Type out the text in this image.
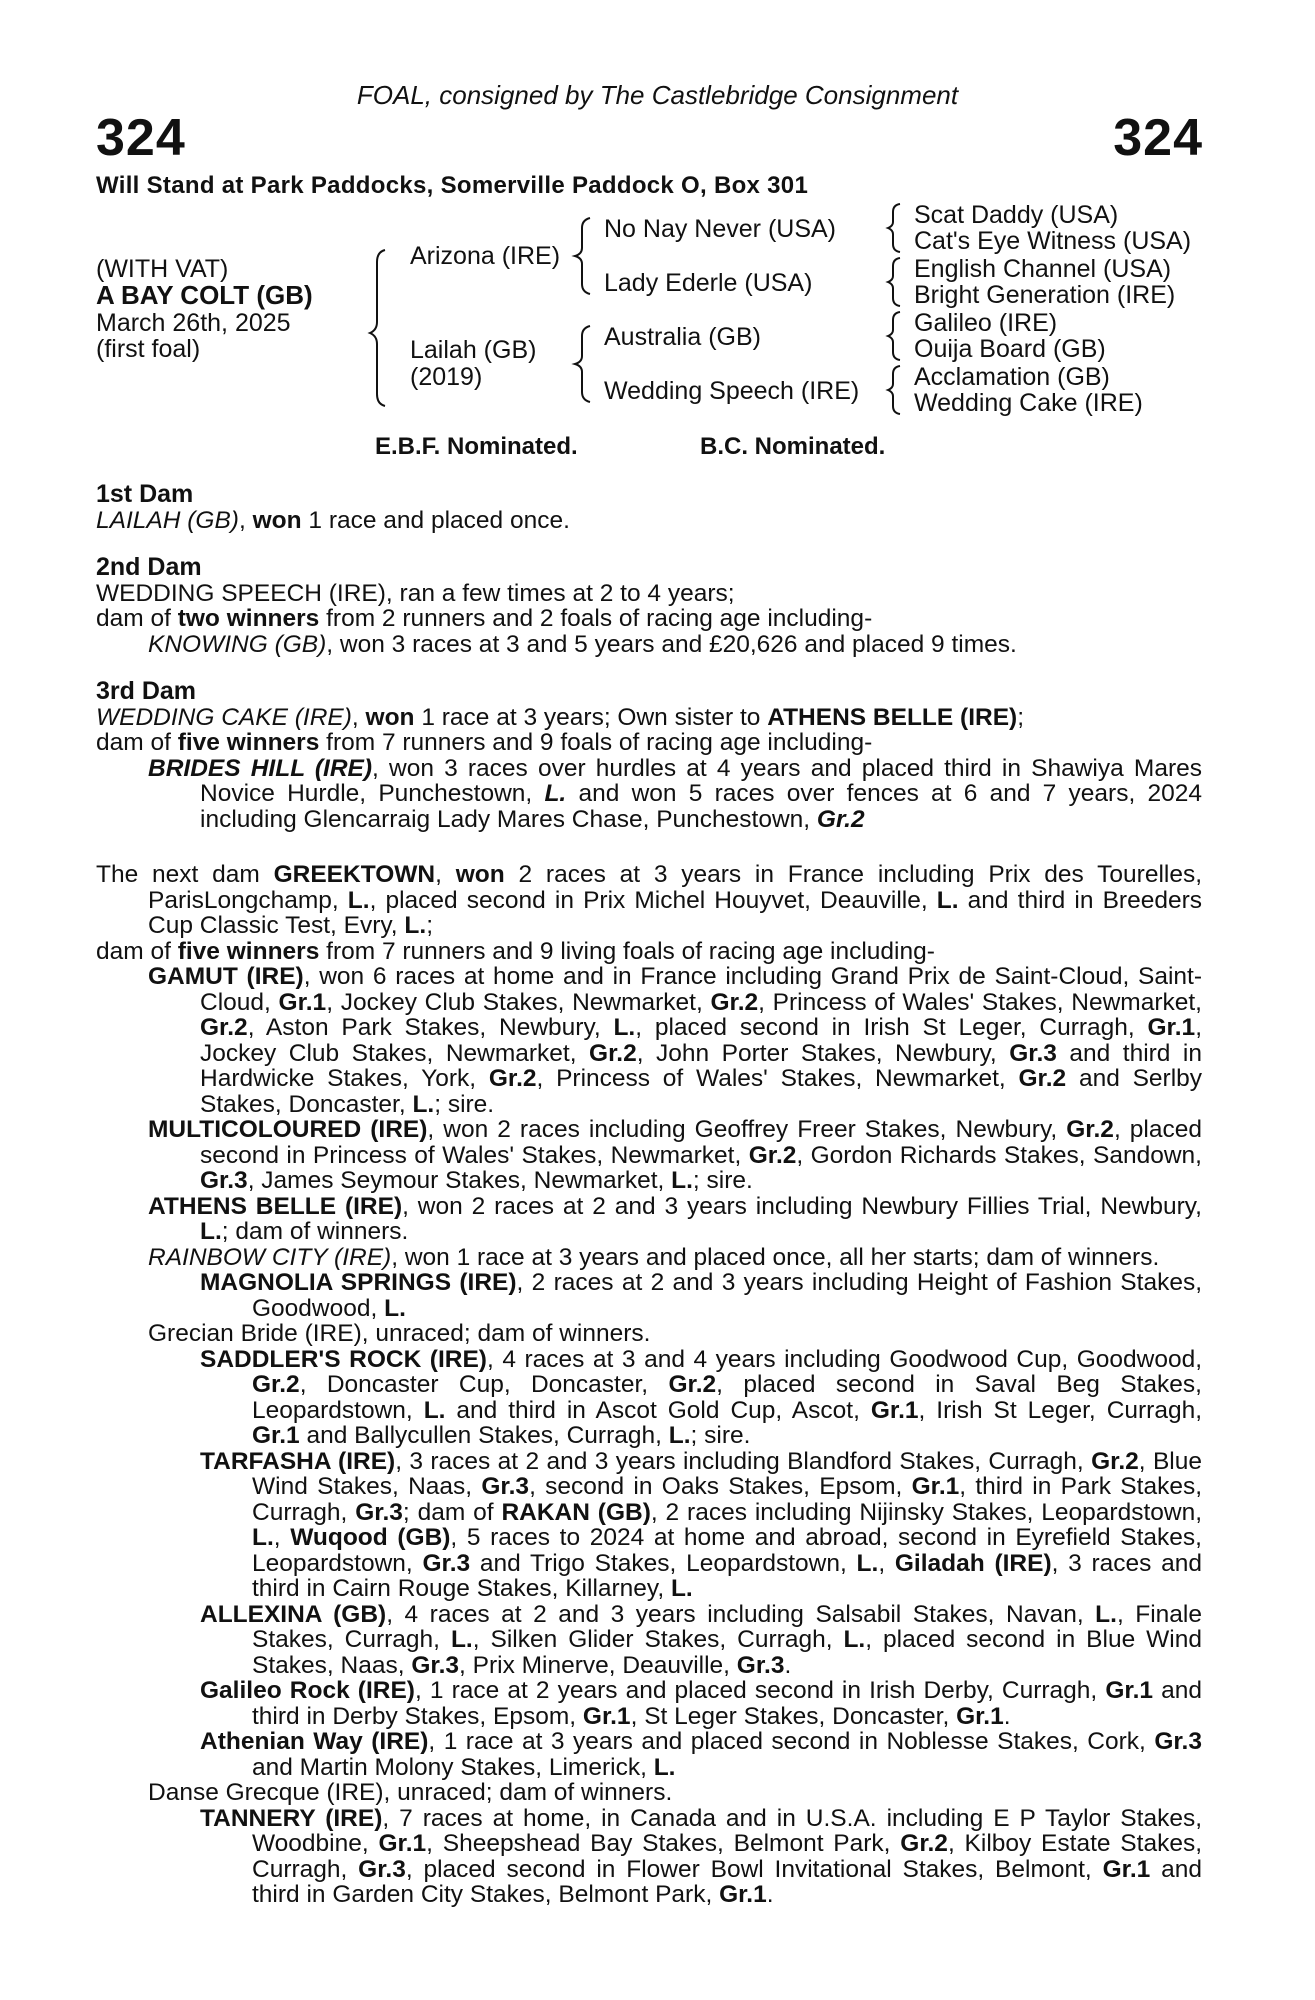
FOAL, consigned by The Castlebridge Consignment
324	324
Will Stand at Park Paddocks, Somerville Paddock O, Box 301
(WITH VAT)
A BAY COLT (GB)
March 26th, 2025
(first foal)
Arizona (IRE)
Lailah (GB)
(2019)
No Nay Never (USA)
Lady Ederle (USA)
Australia (GB)
Wedding Speech (IRE)
Scat Daddy (USA)
Cat's Eye Witness (USA)
English Channel (USA)
Bright Generation (IRE)
Galileo (IRE)
Ouija Board (GB)
Acclamation (GB)
Wedding Cake (IRE)
E.B.F. Nominated.	B.C. Nominated.
1st Dam
LAILAH (GB), won 1 race and placed once.
2nd Dam
WEDDING SPEECH (IRE), ran a few times at 2 to 4 years;
dam of two winners from 2 runners and 2 foals of racing age including-
KNOWING (GB), won 3 races at 3 and 5 years and £20,626 and placed 9 times.
3rd Dam
WEDDING CAKE (IRE), won 1 race at 3 years; Own sister to ATHENS BELLE (IRE);
dam of five winners from 7 runners and 9 foals of racing age including-
BRIDES HILL (IRE), won 3 races over hurdles at 4 years and placed third in Shawiya Mares Novice Hurdle, Punchestown, L. and won 5 races over fences at 6 and 7 years, 2024 including Glencarraig Lady Mares Chase, Punchestown, Gr.2
The next dam GREEKTOWN, won 2 races at 3 years in France including Prix des Tourelles, ParisLongchamp, L., placed second in Prix Michel Houyvet, Deauville, L. and third in Breeders Cup Classic Test, Evry, L.;
dam of five winners from 7 runners and 9 living foals of racing age including-
GAMUT (IRE), won 6 races at home and in France including Grand Prix de Saint-Cloud, Saint-Cloud, Gr.1, Jockey Club Stakes, Newmarket, Gr.2, Princess of Wales' Stakes, Newmarket, Gr.2, Aston Park Stakes, Newbury, L., placed second in Irish St Leger, Curragh, Gr.1, Jockey Club Stakes, Newmarket, Gr.2, John Porter Stakes, Newbury, Gr.3 and third in Hardwicke Stakes, York, Gr.2, Princess of Wales' Stakes, Newmarket, Gr.2 and Serlby Stakes, Doncaster, L.; sire.
MULTICOLOURED (IRE), won 2 races including Geoffrey Freer Stakes, Newbury, Gr.2, placed second in Princess of Wales' Stakes, Newmarket, Gr.2, Gordon Richards Stakes, Sandown, Gr.3, James Seymour Stakes, Newmarket, L.; sire.
ATHENS BELLE (IRE), won 2 races at 2 and 3 years including Newbury Fillies Trial, Newbury, L.; dam of winners.
RAINBOW CITY (IRE), won 1 race at 3 years and placed once, all her starts; dam of winners.
MAGNOLIA SPRINGS (IRE), 2 races at 2 and 3 years including Height of Fashion Stakes, Goodwood, L.
Grecian Bride (IRE), unraced; dam of winners.
SADDLER'S ROCK (IRE), 4 races at 3 and 4 years including Goodwood Cup, Goodwood, Gr.2, Doncaster Cup, Doncaster, Gr.2, placed second in Saval Beg Stakes, Leopardstown, L. and third in Ascot Gold Cup, Ascot, Gr.1, Irish St Leger, Curragh, Gr.1 and Ballycullen Stakes, Curragh, L.; sire.
TARFASHA (IRE), 3 races at 2 and 3 years including Blandford Stakes, Curragh, Gr.2, Blue Wind Stakes, Naas, Gr.3, second in Oaks Stakes, Epsom, Gr.1, third in Park Stakes, Curragh, Gr.3; dam of RAKAN (GB), 2 races including Nijinsky Stakes, Leopardstown, L., Wuqood (GB), 5 races to 2024 at home and abroad, second in Eyrefield Stakes, Leopardstown, Gr.3 and Trigo Stakes, Leopardstown, L., Giladah (IRE), 3 races and third in Cairn Rouge Stakes, Killarney, L.
ALLEXINA (GB), 4 races at 2 and 3 years including Salsabil Stakes, Navan, L., Finale Stakes, Curragh, L., Silken Glider Stakes, Curragh, L., placed second in Blue Wind Stakes, Naas, Gr.3, Prix Minerve, Deauville, Gr.3.
Galileo Rock (IRE), 1 race at 2 years and placed second in Irish Derby, Curragh, Gr.1 and third in Derby Stakes, Epsom, Gr.1, St Leger Stakes, Doncaster, Gr.1.
Athenian Way (IRE), 1 race at 3 years and placed second in Noblesse Stakes, Cork, Gr.3 and Martin Molony Stakes, Limerick, L.
Danse Grecque (IRE), unraced; dam of winners.
TANNERY (IRE), 7 races at home, in Canada and in U.S.A. including E P Taylor Stakes, Woodbine, Gr.1, Sheepshead Bay Stakes, Belmont Park, Gr.2, Kilboy Estate Stakes, Curragh, Gr.3, placed second in Flower Bowl Invitational Stakes, Belmont, Gr.1 and third in Garden City Stakes, Belmont Park, Gr.1.
